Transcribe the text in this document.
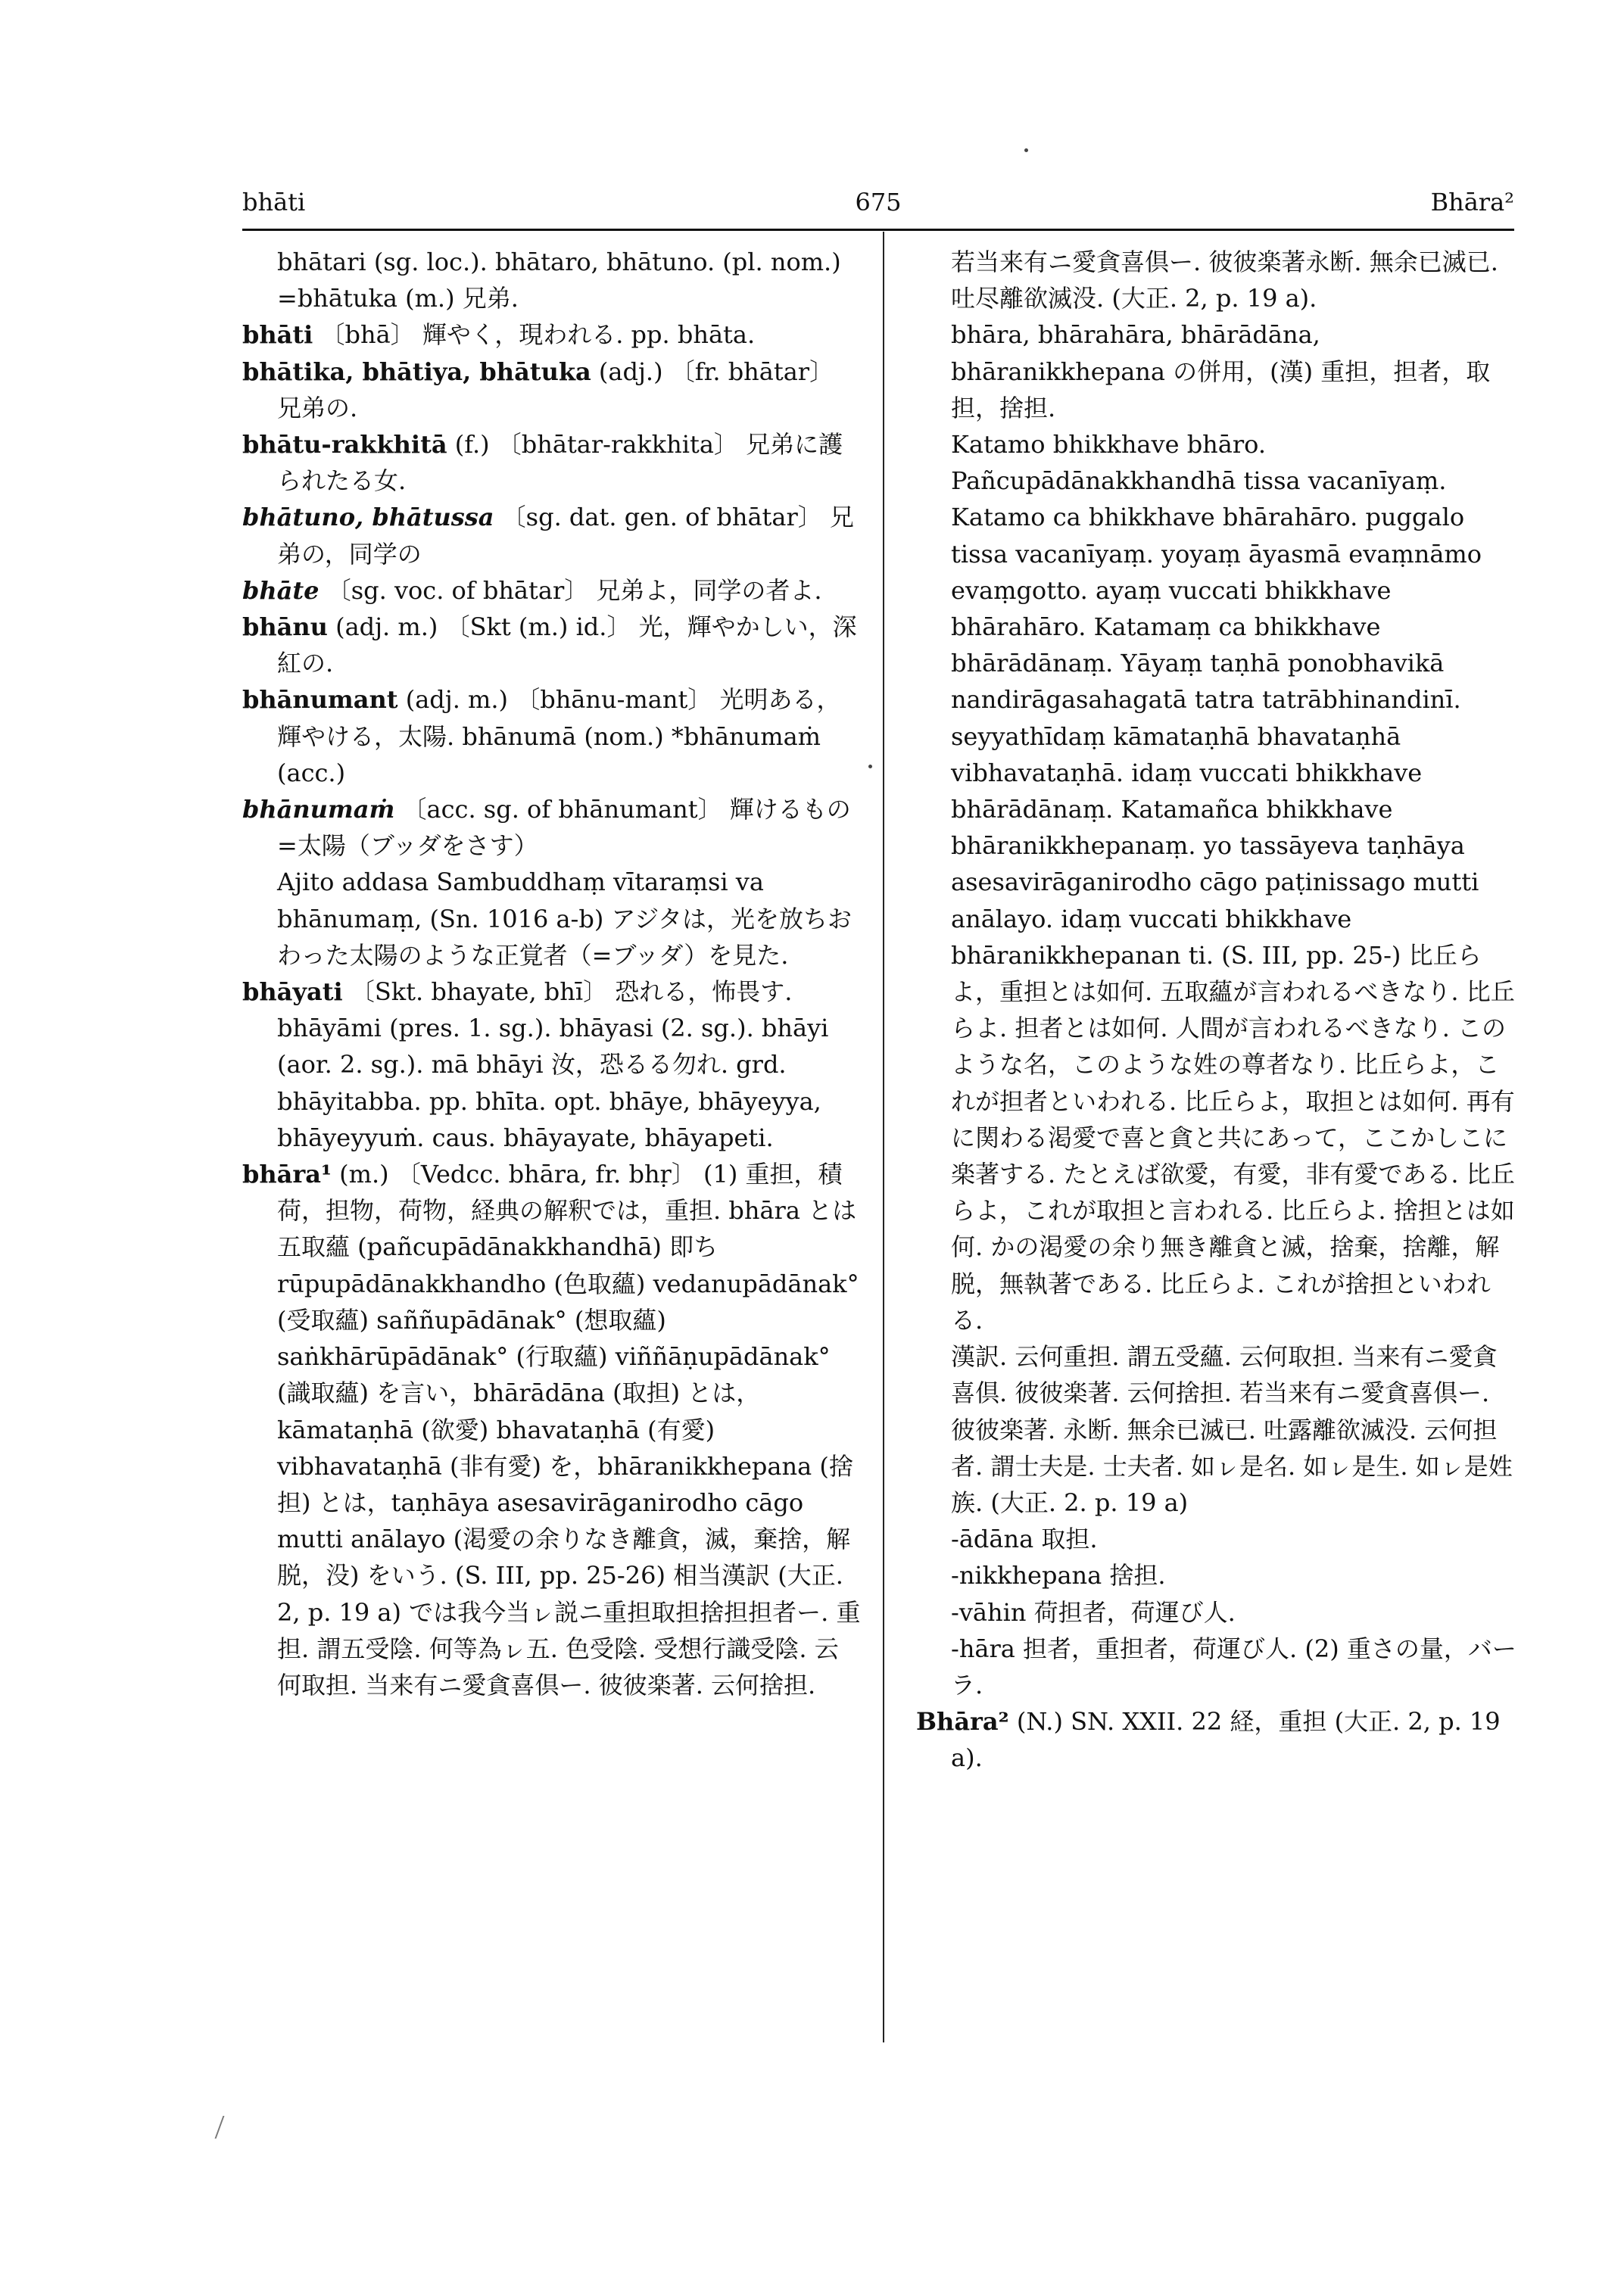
bhāti	675	Bhāra²

bhātari (sg. loc.). bhātaro, bhātuno. (pl. nom.) =bhātuka (m.) 兄弟.

bhāti 〔bhā〕 輝やく，現われる. pp. bhāta.

bhātika, bhātiya, bhātuka (adj.) 〔fr. bhātar〕 兄弟の.

bhātu-rakkhitā (f.) 〔bhātar-rakkhita〕 兄弟に護られたる女.

bhātuno, bhātussa 〔sg. dat. gen. of bhātar〕 兄弟の，同学の

bhāte 〔sg. voc. of bhātar〕 兄弟よ，同学の者よ.

bhānu (adj. m.) 〔Skt (m.) id.〕 光，輝やかしい，深紅の.

bhānumant (adj. m.) 〔bhānu-mant〕 光明ある，輝やける，太陽. bhānumā (nom.) *bhānumaṁ (acc.)

bhānumaṁ 〔acc. sg. of bhānumant〕 輝けるもの=太陽（ブッダをさす）

Ajito addasa Sambuddhaṃ vītaraṃsi va bhānumaṃ, (Sn. 1016 a-b) アジタは，光を放ちおわった太陽のような正覚者（=ブッダ）を見た.

bhāyati 〔Skt. bhayate, bhī〕 恐れる，怖畏す. bhāyāmi (pres. 1. sg.). bhāyasi (2. sg.). bhāyi (aor. 2. sg.). mā bhāyi 汝，恐るる勿れ. grd. bhāyitabba. pp. bhīta. opt. bhāye, bhāyeyya, bhāyeyyuṁ. caus. bhāyayate, bhāyapeti.

bhāra¹ (m.) 〔Vedcc. bhāra, fr. bhṛ〕 (1) 重担，積荷，担物，荷物，経典の解釈では，重担. bhāra とは五取蘊 (pañcupādānakkhandhā) 即ち rūpupādānakkhandho (色取蘊) vedanupādānak° (受取蘊) saññupādānak° (想取蘊) saṅkhārūpādānak° (行取蘊) viññāṇupādānak° (識取蘊) を言い，bhārādāna (取担) とは，kāmataṇhā (欲愛) bhavataṇhā (有愛) vibhavataṇhā (非有愛) を，bhāranikkhepana (捨担) とは，taṇhāya asesavirāganirodho cāgo mutti anālayo (渇愛の余りなき離貪，滅，棄捨，解脱，没) をいう. (S. III, pp. 25-26) 相当漢訳 (大正. 2, p. 19 a) では我今当ㇾ説ニ重担取担捨担担者ー. 重担. 謂五受陰. 何等為ㇾ五. 色受陰. 受想行識受陰. 云何取担. 当来有ニ愛貪喜倶ー. 彼彼楽著. 云何捨担.

若当来有ニ愛貪喜倶ー. 彼彼楽著永断. 無余已滅已. 吐尽離欲滅没. (大正. 2, p. 19 a).

bhāra, bhārahāra, bhārādāna, bhāranikkhepana の併用，(漢) 重担，担者，取担，捨担.

Katamo bhikkhave bhāro. Pañcupādānakkhandhā tissa vacanīyaṃ. Katamo ca bhikkhave bhārahāro. puggalo tissa vacanīyaṃ. yoyaṃ āyasmā evaṃnāmo evaṃgotto. ayaṃ vuccati bhikkhave bhārahāro. Katamaṃ ca bhikkhave bhārādānaṃ. Yāyaṃ taṇhā ponobhavikā nandirāgasahagatā tatra tatrābhinandinī. seyyathīdaṃ kāmataṇhā bhavataṇhā vibhavataṇhā. idaṃ vuccati bhikkhave bhārādānaṃ. Katamañca bhikkhave bhāranikkhepanaṃ. yo tassāyeva taṇhāya asesavirāganirodho cāgo paṭinissago mutti anālayo. idaṃ vuccati bhikkhave bhāranikkhepanan ti. (S. III, pp. 25-) 比丘らよ，重担とは如何. 五取蘊が言われるべきなり. 比丘らよ. 担者とは如何. 人間が言われるべきなり. このような名，このような姓の尊者なり. 比丘らよ，これが担者といわれる. 比丘らよ，取担とは如何. 再有に関わる渇愛で喜と貪と共にあって，ここかしこに楽著する. たとえば欲愛，有愛，非有愛である. 比丘らよ，これが取担と言われる. 比丘らよ. 捨担とは如何. かの渇愛の余り無き離貪と滅，捨棄，捨離，解脱，無執著である. 比丘らよ. これが捨担といわれる.

漢訳. 云何重担. 謂五受蘊. 云何取担. 当来有ニ愛貪喜倶. 彼彼楽著. 云何捨担. 若当来有ニ愛貪喜倶ー. 彼彼楽著. 永断. 無余已滅已. 吐露離欲滅没. 云何担者. 謂士夫是. 士夫者. 如ㇾ是名. 如ㇾ是生. 如ㇾ是姓族. (大正. 2. p. 19 a)

-ādāna 取担.

-nikkhepana 捨担.

-vāhin 荷担者，荷運び人.

-hāra 担者，重担者，荷運び人. (2) 重さの量，バーラ.

Bhāra² (N.) SN. XXII. 22 経，重担 (大正. 2, p. 19 a).
